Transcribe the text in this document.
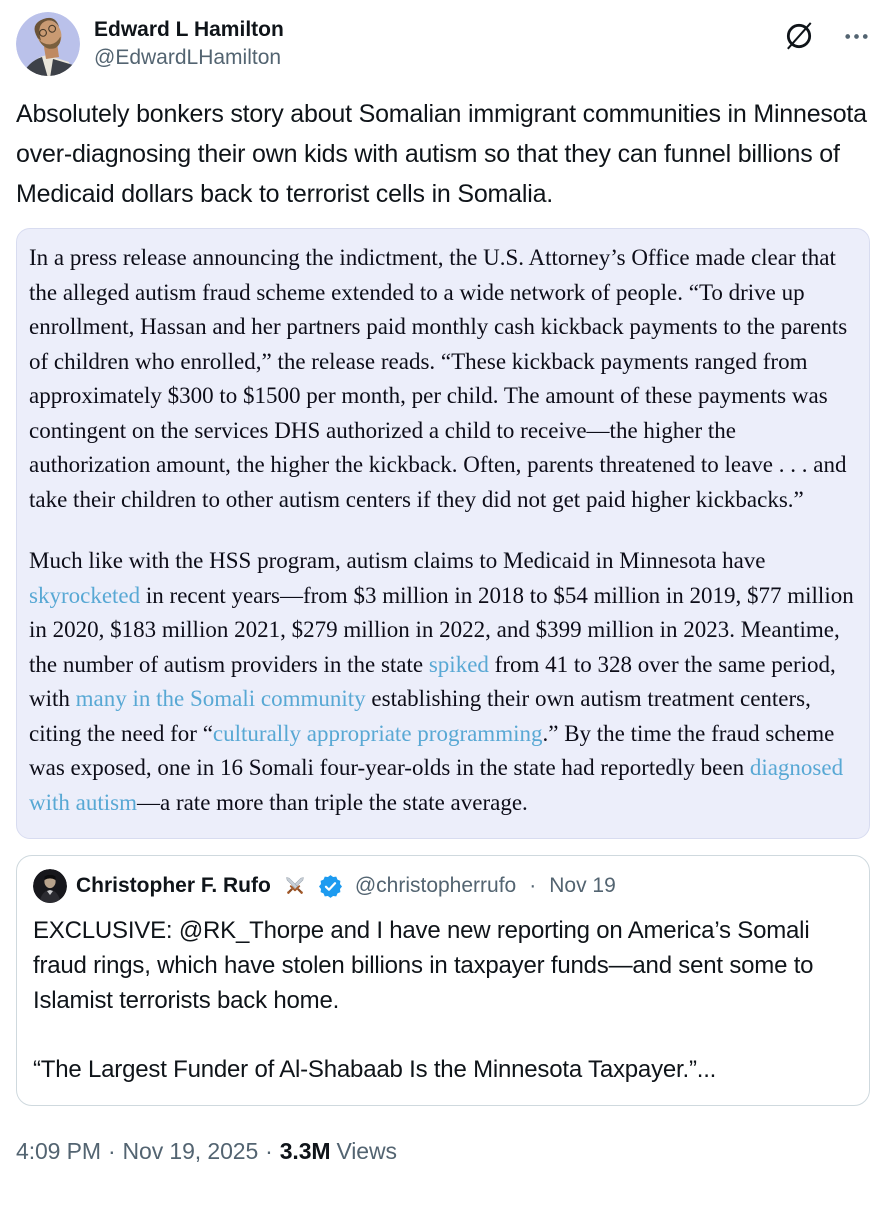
Edward L Hamilton
@EdwardLHamilton
Absolutely bonkers story about Somalian immigrant communities in Minnesota over-diagnosing their own kids with autism so that they can funnel billions of Medicaid dollars back to terrorist cells in Somalia.

In a press release announcing the indictment, the U.S. Attorney’s Office made clear that the alleged autism fraud scheme extended to a wide network of people. “To drive up enrollment, Hassan and her partners paid monthly cash kickback payments to the parents of children who enrolled,” the release reads. “These kickback payments ranged from approximately $300 to $1500 per month, per child. The amount of these payments was contingent on the services DHS authorized a child to receive—the higher the authorization amount, the higher the kickback. Often, parents threatened to leave . . . and take their children to other autism centers if they did not get paid higher kickbacks.”

Much like with the HSS program, autism claims to Medicaid in Minnesota have skyrocketed in recent years—from $3 million in 2018 to $54 million in 2019, $77 million in 2020, $183 million 2021, $279 million in 2022, and $399 million in 2023. Meantime, the number of autism providers in the state spiked from 41 to 328 over the same period, with many in the Somali community establishing their own autism treatment centers, citing the need for “culturally appropriate programming.” By the time the fraud scheme was exposed, one in 16 Somali four-year-olds in the state had reportedly been diagnosed with autism—a rate more than triple the state average.

Christopher F. Rufo	@christopherrufo · Nov 19

EXCLUSIVE: @RK_Thorpe and I have new reporting on America’s Somali fraud rings, which have stolen billions in taxpayer funds—and sent some to Islamist terrorists back home.

“The Largest Funder of Al-Shabaab Is the Minnesota Taxpayer.”...

4:09 PM · Nov 19, 2025 · 3.3M Views
